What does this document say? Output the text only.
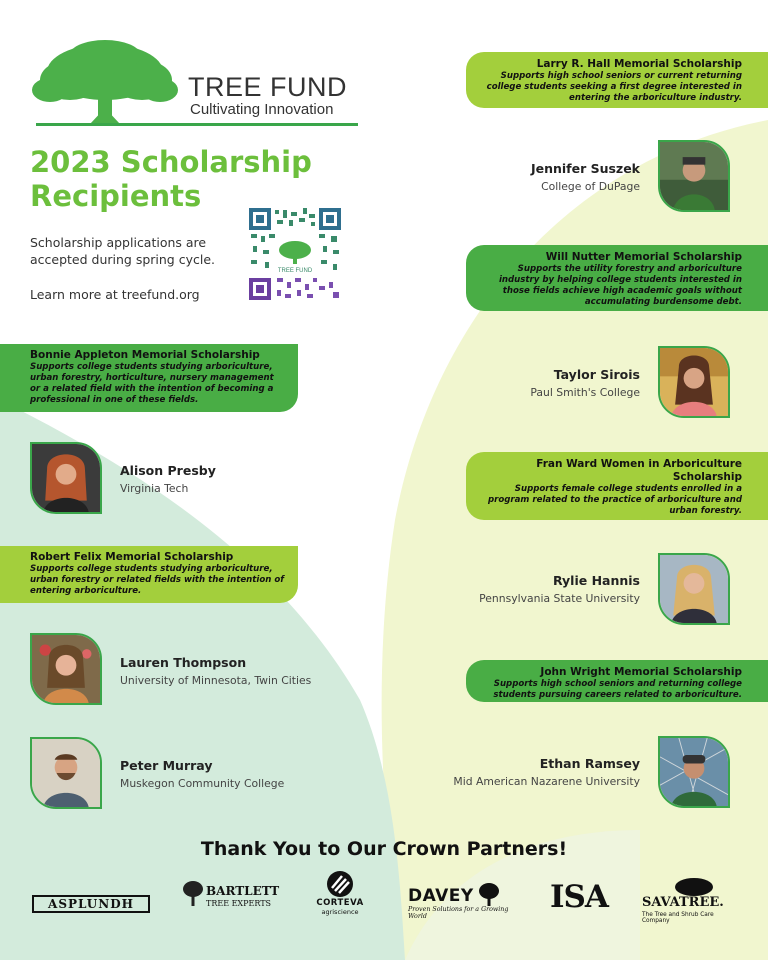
TREE FUND
Cultivating Innovation
2023 Scholarship Recipients
Scholarship applications are accepted during spring cycle.
Learn more at treefund.org
TREE FUND
Larry R. Hall Memorial Scholarship
Supports high school seniors or current returning college students seeking a first degree interested in entering the arboriculture industry.
Jennifer Suszek
College of DuPage
Will Nutter Memorial Scholarship
Supports the utility forestry and arboriculture industry by helping college students interested in those fields achieve high academic goals without accumulating burdensome debt.
Taylor Sirois
Paul Smith's College
Fran Ward Women in Arboriculture Scholarship
Supports female college students enrolled in a program related to the practice of arboriculture and urban forestry.
Rylie Hannis
Pennsylvania State University
John Wright Memorial Scholarship
Supports high school seniors and returning college students pursuing careers related to arboriculture.
Ethan Ramsey
Mid American Nazarene University
Bonnie Appleton Memorial Scholarship
Supports college students studying arboriculture, urban forestry, horticulture, nursery management or a related field with the intention of becoming a professional in one of these fields.
Alison Presby
Virginia Tech
Robert Felix Memorial Scholarship
Supports college students studying arboriculture, urban forestry or related fields with the intention of entering arboriculture.
Lauren Thompson
University of Minnesota, Twin Cities
Peter Murray
Muskegon Community College
Thank You to Our Crown Partners!
ASPLUNDH
BARTLETT
TREE EXPERTS	CORTEVA
agriscience
DAVEY
Proven Solutions for a Growing World
ISA	SAVATREE.
The Tree and Shrub Care Company
